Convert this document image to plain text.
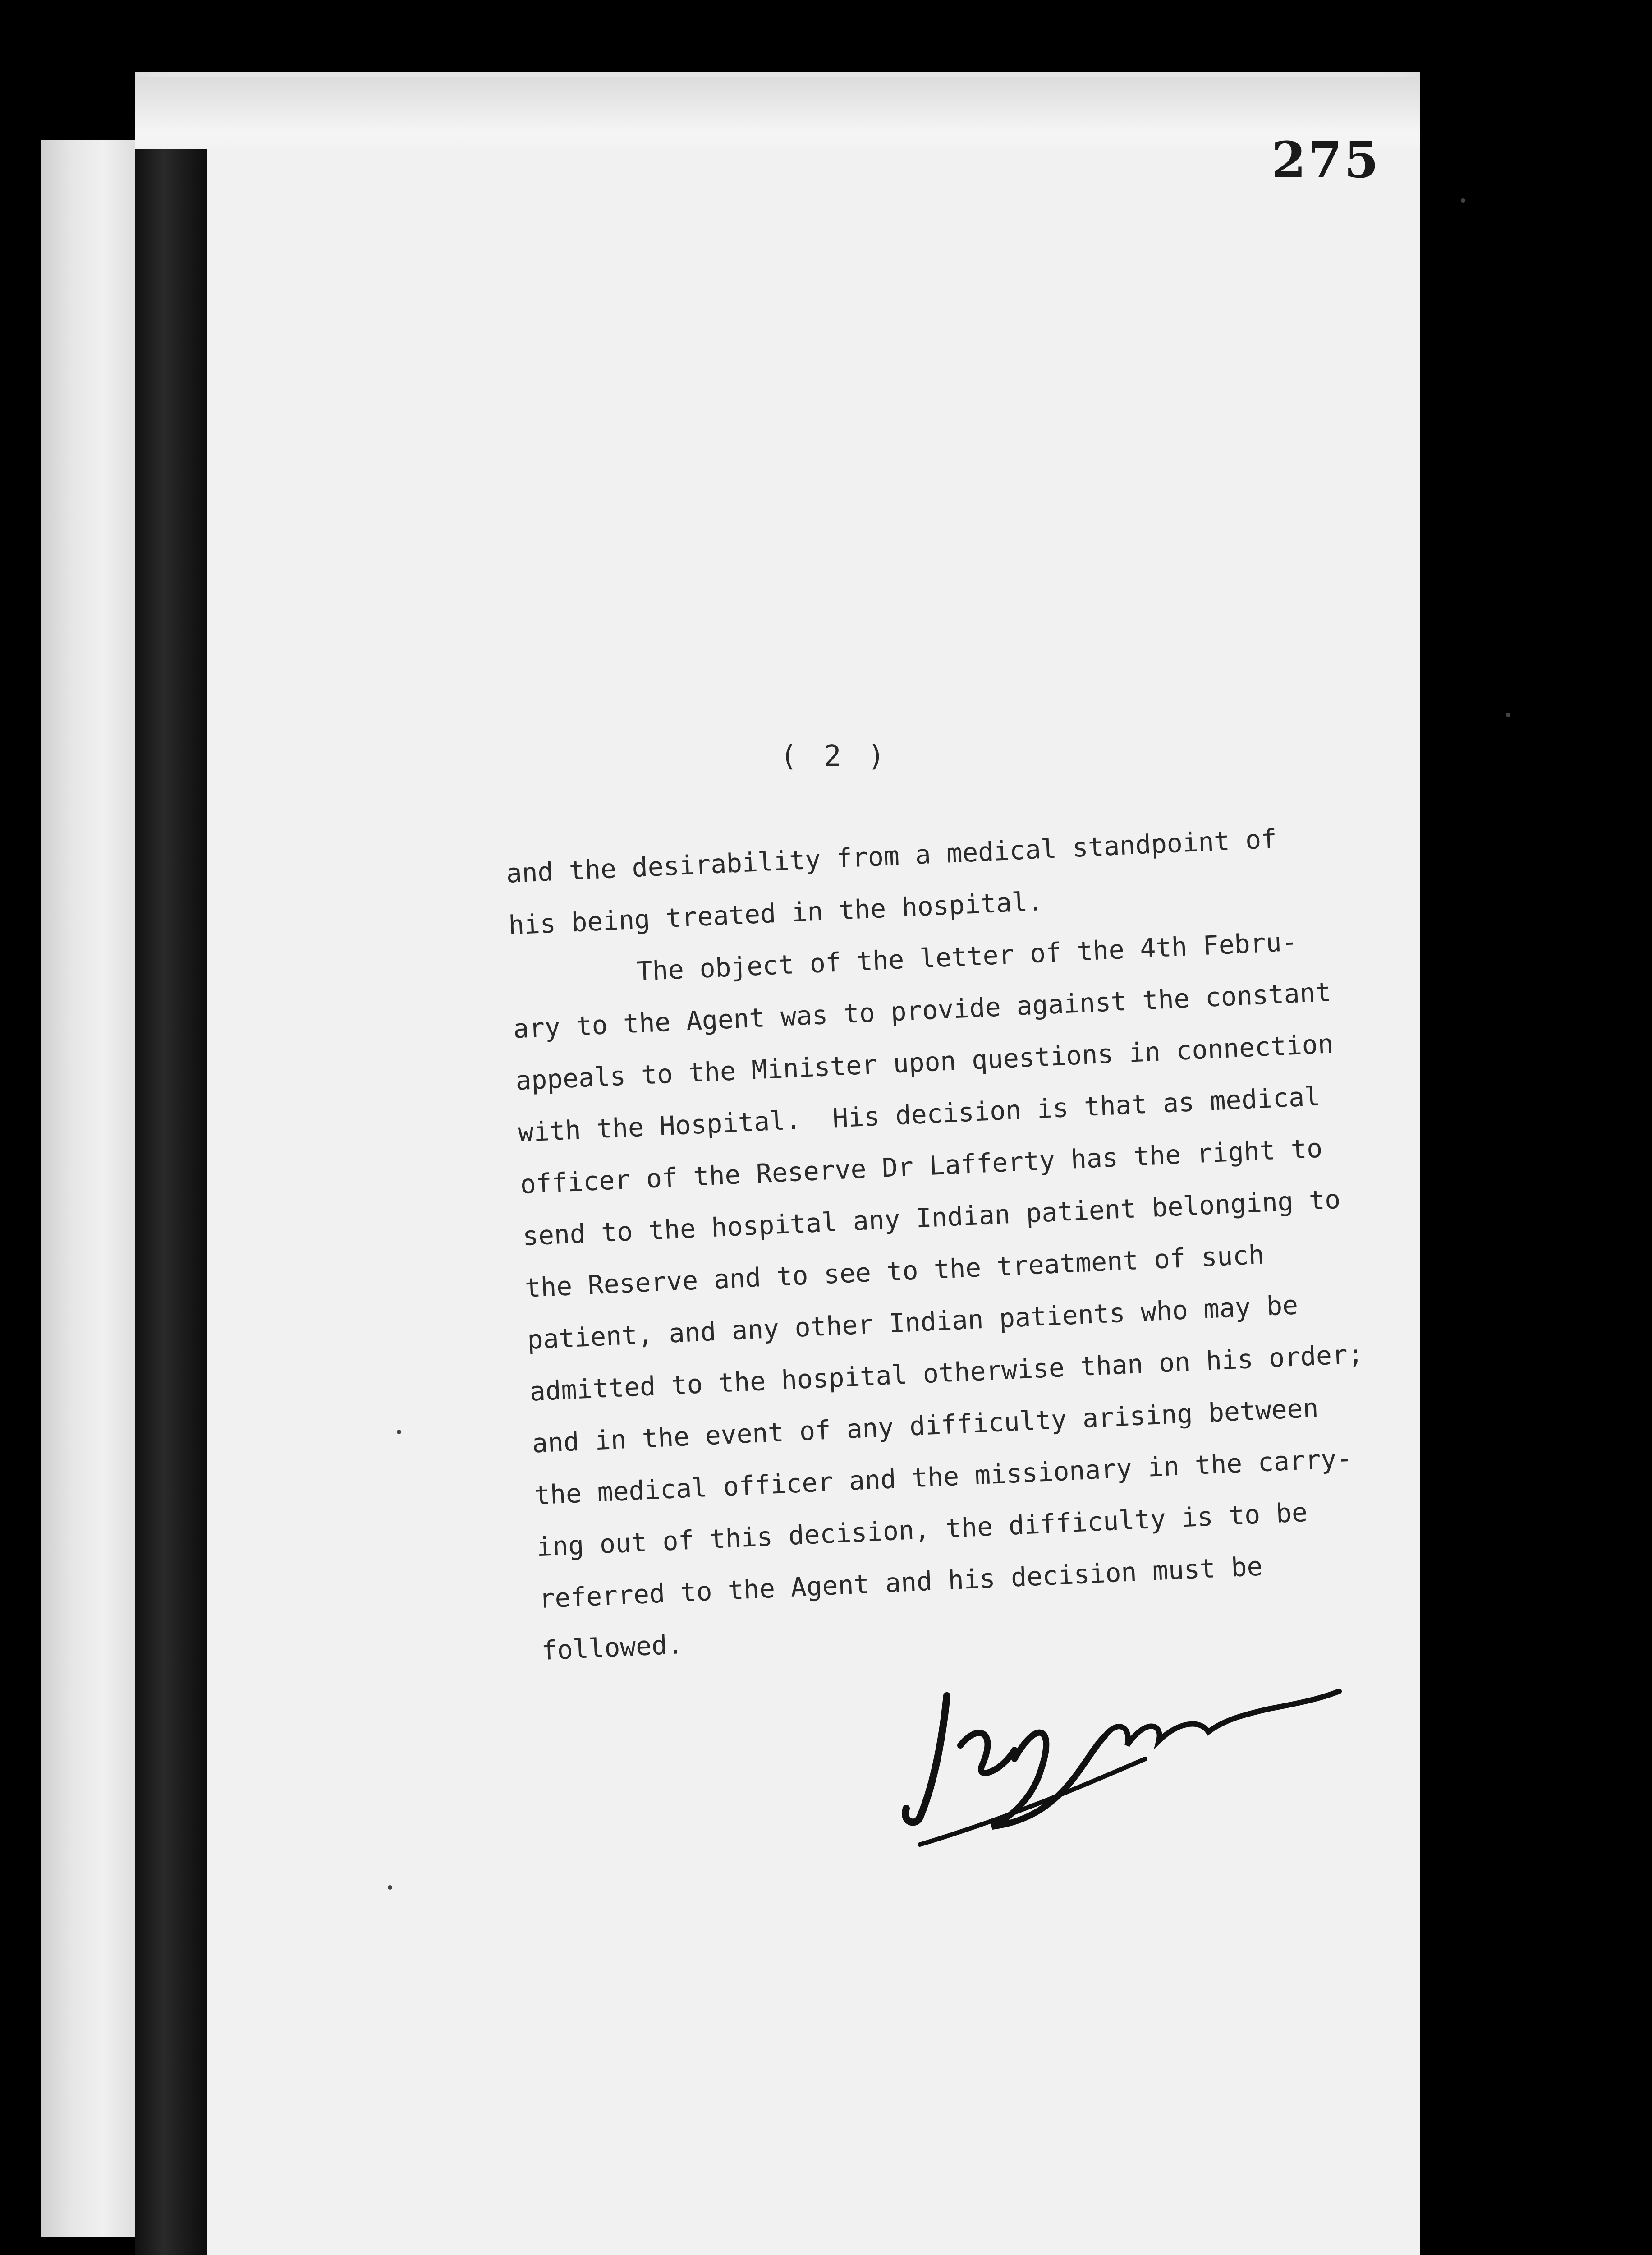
275
( 2 )
and the desirability from a medical standpoint of
his being treated in the hospital.
The object of the letter of the 4th Febru-
ary to the Agent was to provide against the constant
appeals to the Minister upon questions in connection
with the Hospital.  His decision is that as medical
officer of the Reserve Dr Lafferty has the right to
send to the hospital any Indian patient belonging to
the Reserve and to see to the treatment of such
patient, and any other Indian patients who may be
admitted to the hospital otherwise than on his order;
and in the event of any difficulty arising between
the medical officer and the missionary in the carry-
ing out of this decision, the difficulty is to be
referred to the Agent and his decision must be
followed.
